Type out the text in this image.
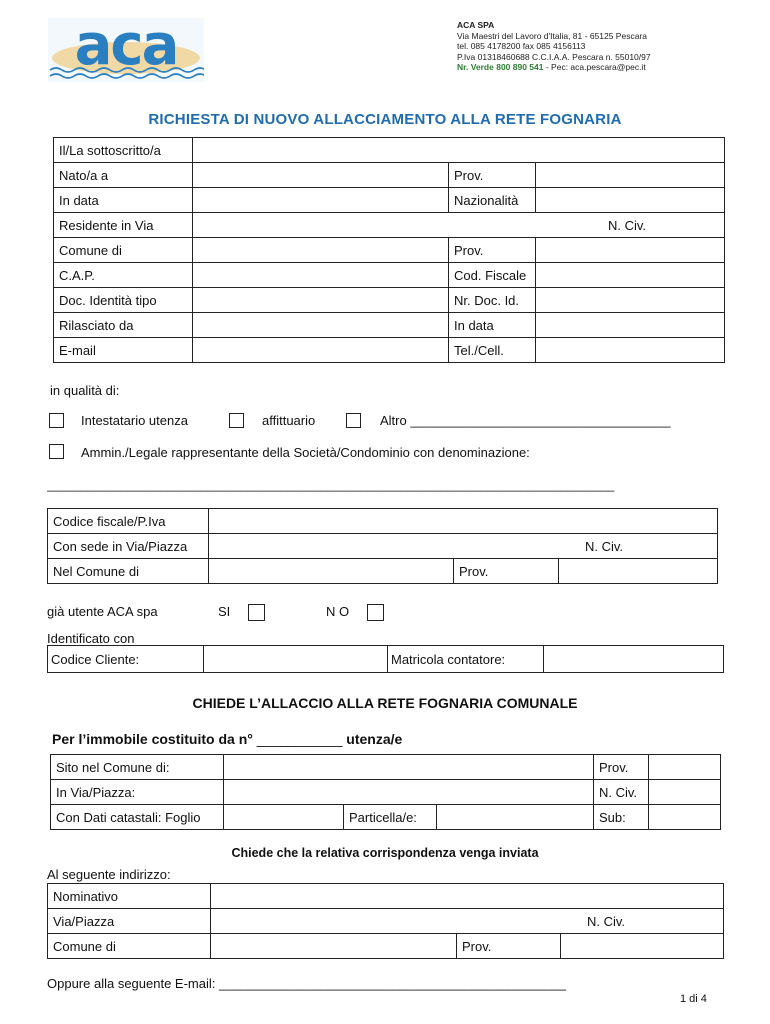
aca	ACA SPA
Via Maestri del Lavoro d'Italia, 81 - 65125 Pescara
tel. 085 4178200 fax 085 4156113
P.Iva 01318460688 C.C.I.A.A. Pescara n. 55010/97
Nr. Verde 800 890 541 - Pec: aca.pescara@pec.it
RICHIESTA DI NUOVO ALLACCIAMENTO ALLA RETE FOGNARIA
Il/La sottoscritto/a			
Nato/a a		Prov.	
In data		Nazionalità	
Residente in Via	N. Civ.		
Comune di		Prov.	
C.A.P.		Cod. Fiscale	
Doc. Identità tipo		Nr. Doc. Id.	
Rilasciato da		In data	
E-mail		Tel./Cell.	
in qualità di:
Intestatario utenza	affittuario	Altro ____________________________________
Ammin./Legale rappresentante della Società/Condominio con denominazione:
_____________________________________________________________________________________
Codice fiscale/P.Iva			
Con sede in Via/Piazza	N. Civ.		
Nel Comune di		Prov.	
già utente ACA spa	SI	N O
Identificato con
Codice Cliente:		Matricola contatore:	
CHIEDE L’ALLACCIO ALLA RETE FOGNARIA COMUNALE
Per l’immobile costituito da n° ___________ utenza/e
Sito nel Comune di:				Prov.	
In Via/Piazza:				N. Civ.	
Con Dati catastali: Foglio		Particella/e:		Sub:	
Chiede che la relativa corrispondenza venga inviata
Al seguente indirizzo:
Nominativo			
Via/Piazza	N. Civ.		
Comune di		Prov.	
Oppure alla seguente E-mail: ________________________________________________
1 di 4
